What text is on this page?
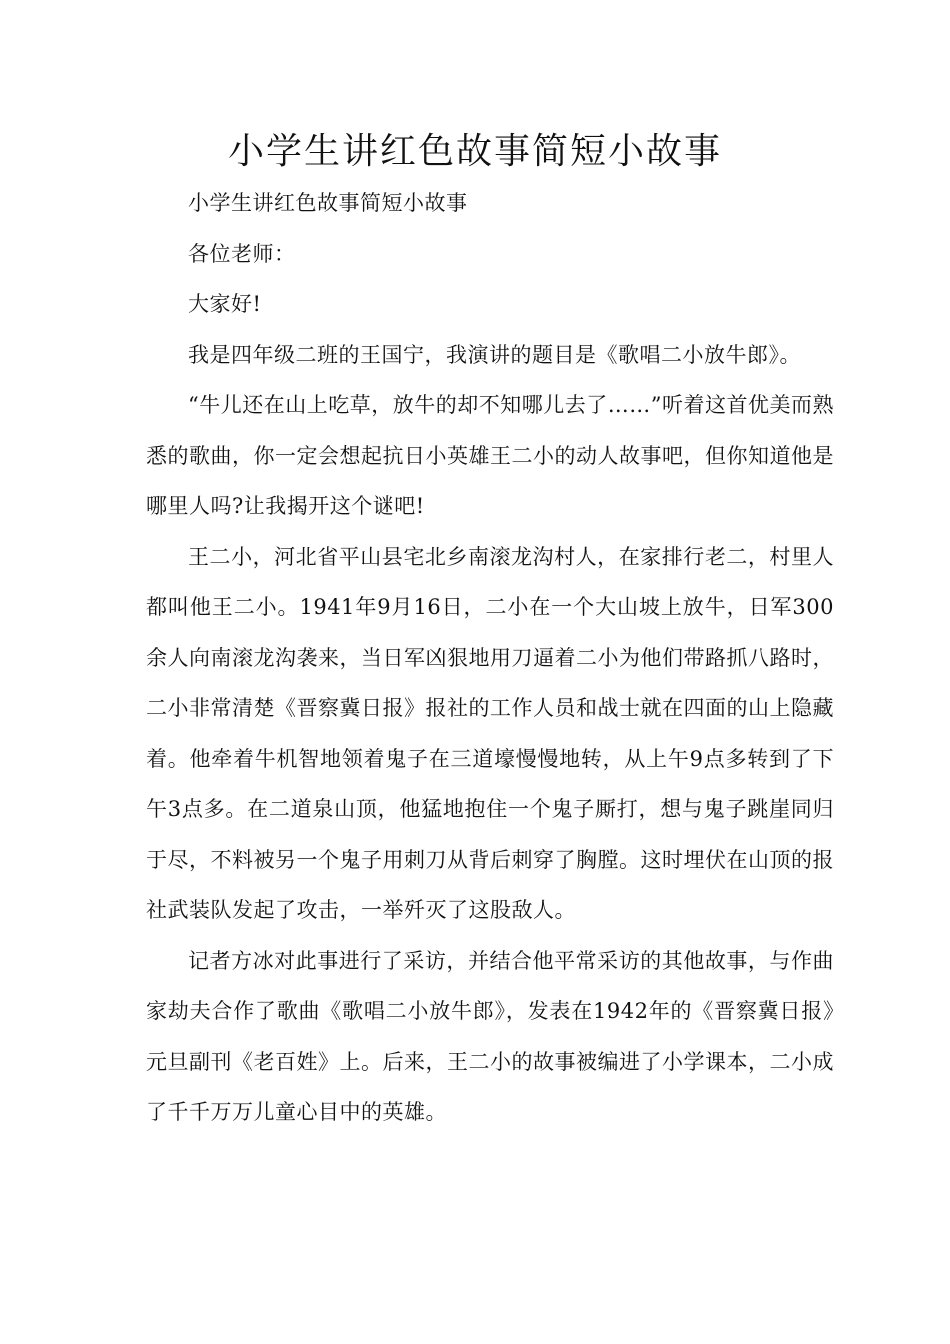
小学生讲红色故事简短小故事

小学生讲红色故事简短小故事

各位老师：

大家好!

我是四年级二班的王国宁，我演讲的题目是《歌唱二小放牛郎》。

“牛儿还在山上吃草，放牛的却不知哪儿去了……”听着这首优美而熟悉的歌曲，你一定会想起抗日小英雄王二小的动人故事吧，但你知道他是哪里人吗?让我揭开这个谜吧!

王二小，河北省平山县宅北乡南滚龙沟村人，在家排行老二，村里人都叫他王二小。1941年9月16日，二小在一个大山坡上放牛，日军300余人向南滚龙沟袭来，当日军凶狠地用刀逼着二小为他们带路抓八路时，二小非常清楚《晋察冀日报》报社的工作人员和战士就在四面的山上隐藏着。他牵着牛机智地领着鬼子在三道壕慢慢地转，从上午9点多转到了下午3点多。在二道泉山顶，他猛地抱住一个鬼子厮打，想与鬼子跳崖同归于尽，不料被另一个鬼子用刺刀从背后刺穿了胸膛。这时埋伏在山顶的报社武装队发起了攻击，一举歼灭了这股敌人。

记者方冰对此事进行了采访，并结合他平常采访的其他故事，与作曲家劫夫合作了歌曲《歌唱二小放牛郎》，发表在1942年的《晋察冀日报》元旦副刊《老百姓》上。后来，王二小的故事被编进了小学课本，二小成了千千万万儿童心目中的英雄。
